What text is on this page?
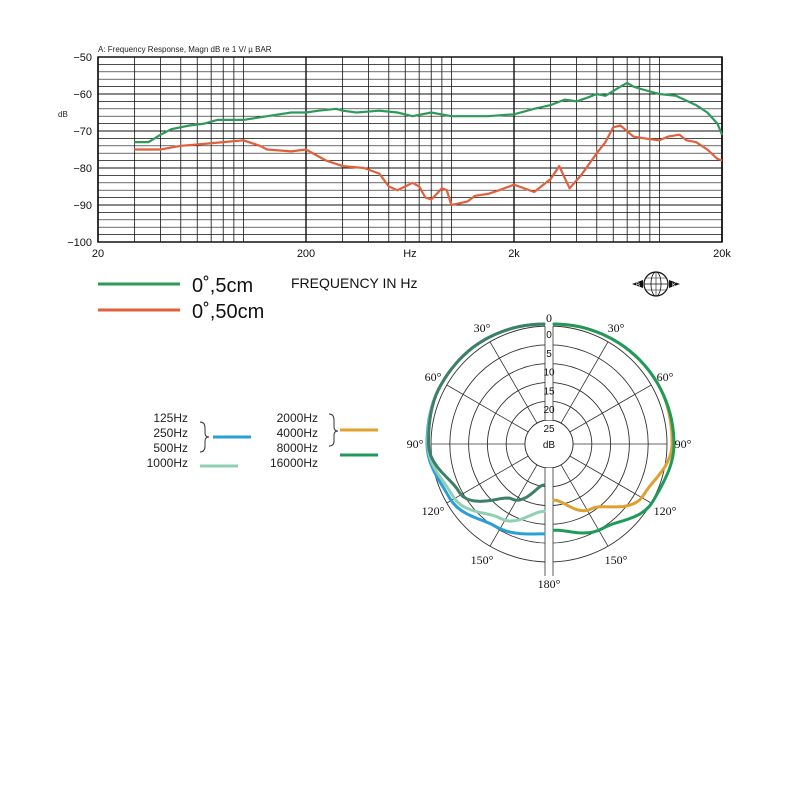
A: Frequency Response, Magn dB re 1 V/ µ BAR
dB
−50
−60
−70
−80
−90
−100
20	200	Hz	2k	20k
FREQUENCY IN Hz
0˚,5cm
0˚,50cm
B	K
0
30°
60°
90°
120°
150°
180°
30°
60°
90°
120°
150°
0
5
10
15
20
25
dB
125Hz
250Hz
500Hz
1000Hz
2000Hz
4000Hz
8000Hz
16000Hz
